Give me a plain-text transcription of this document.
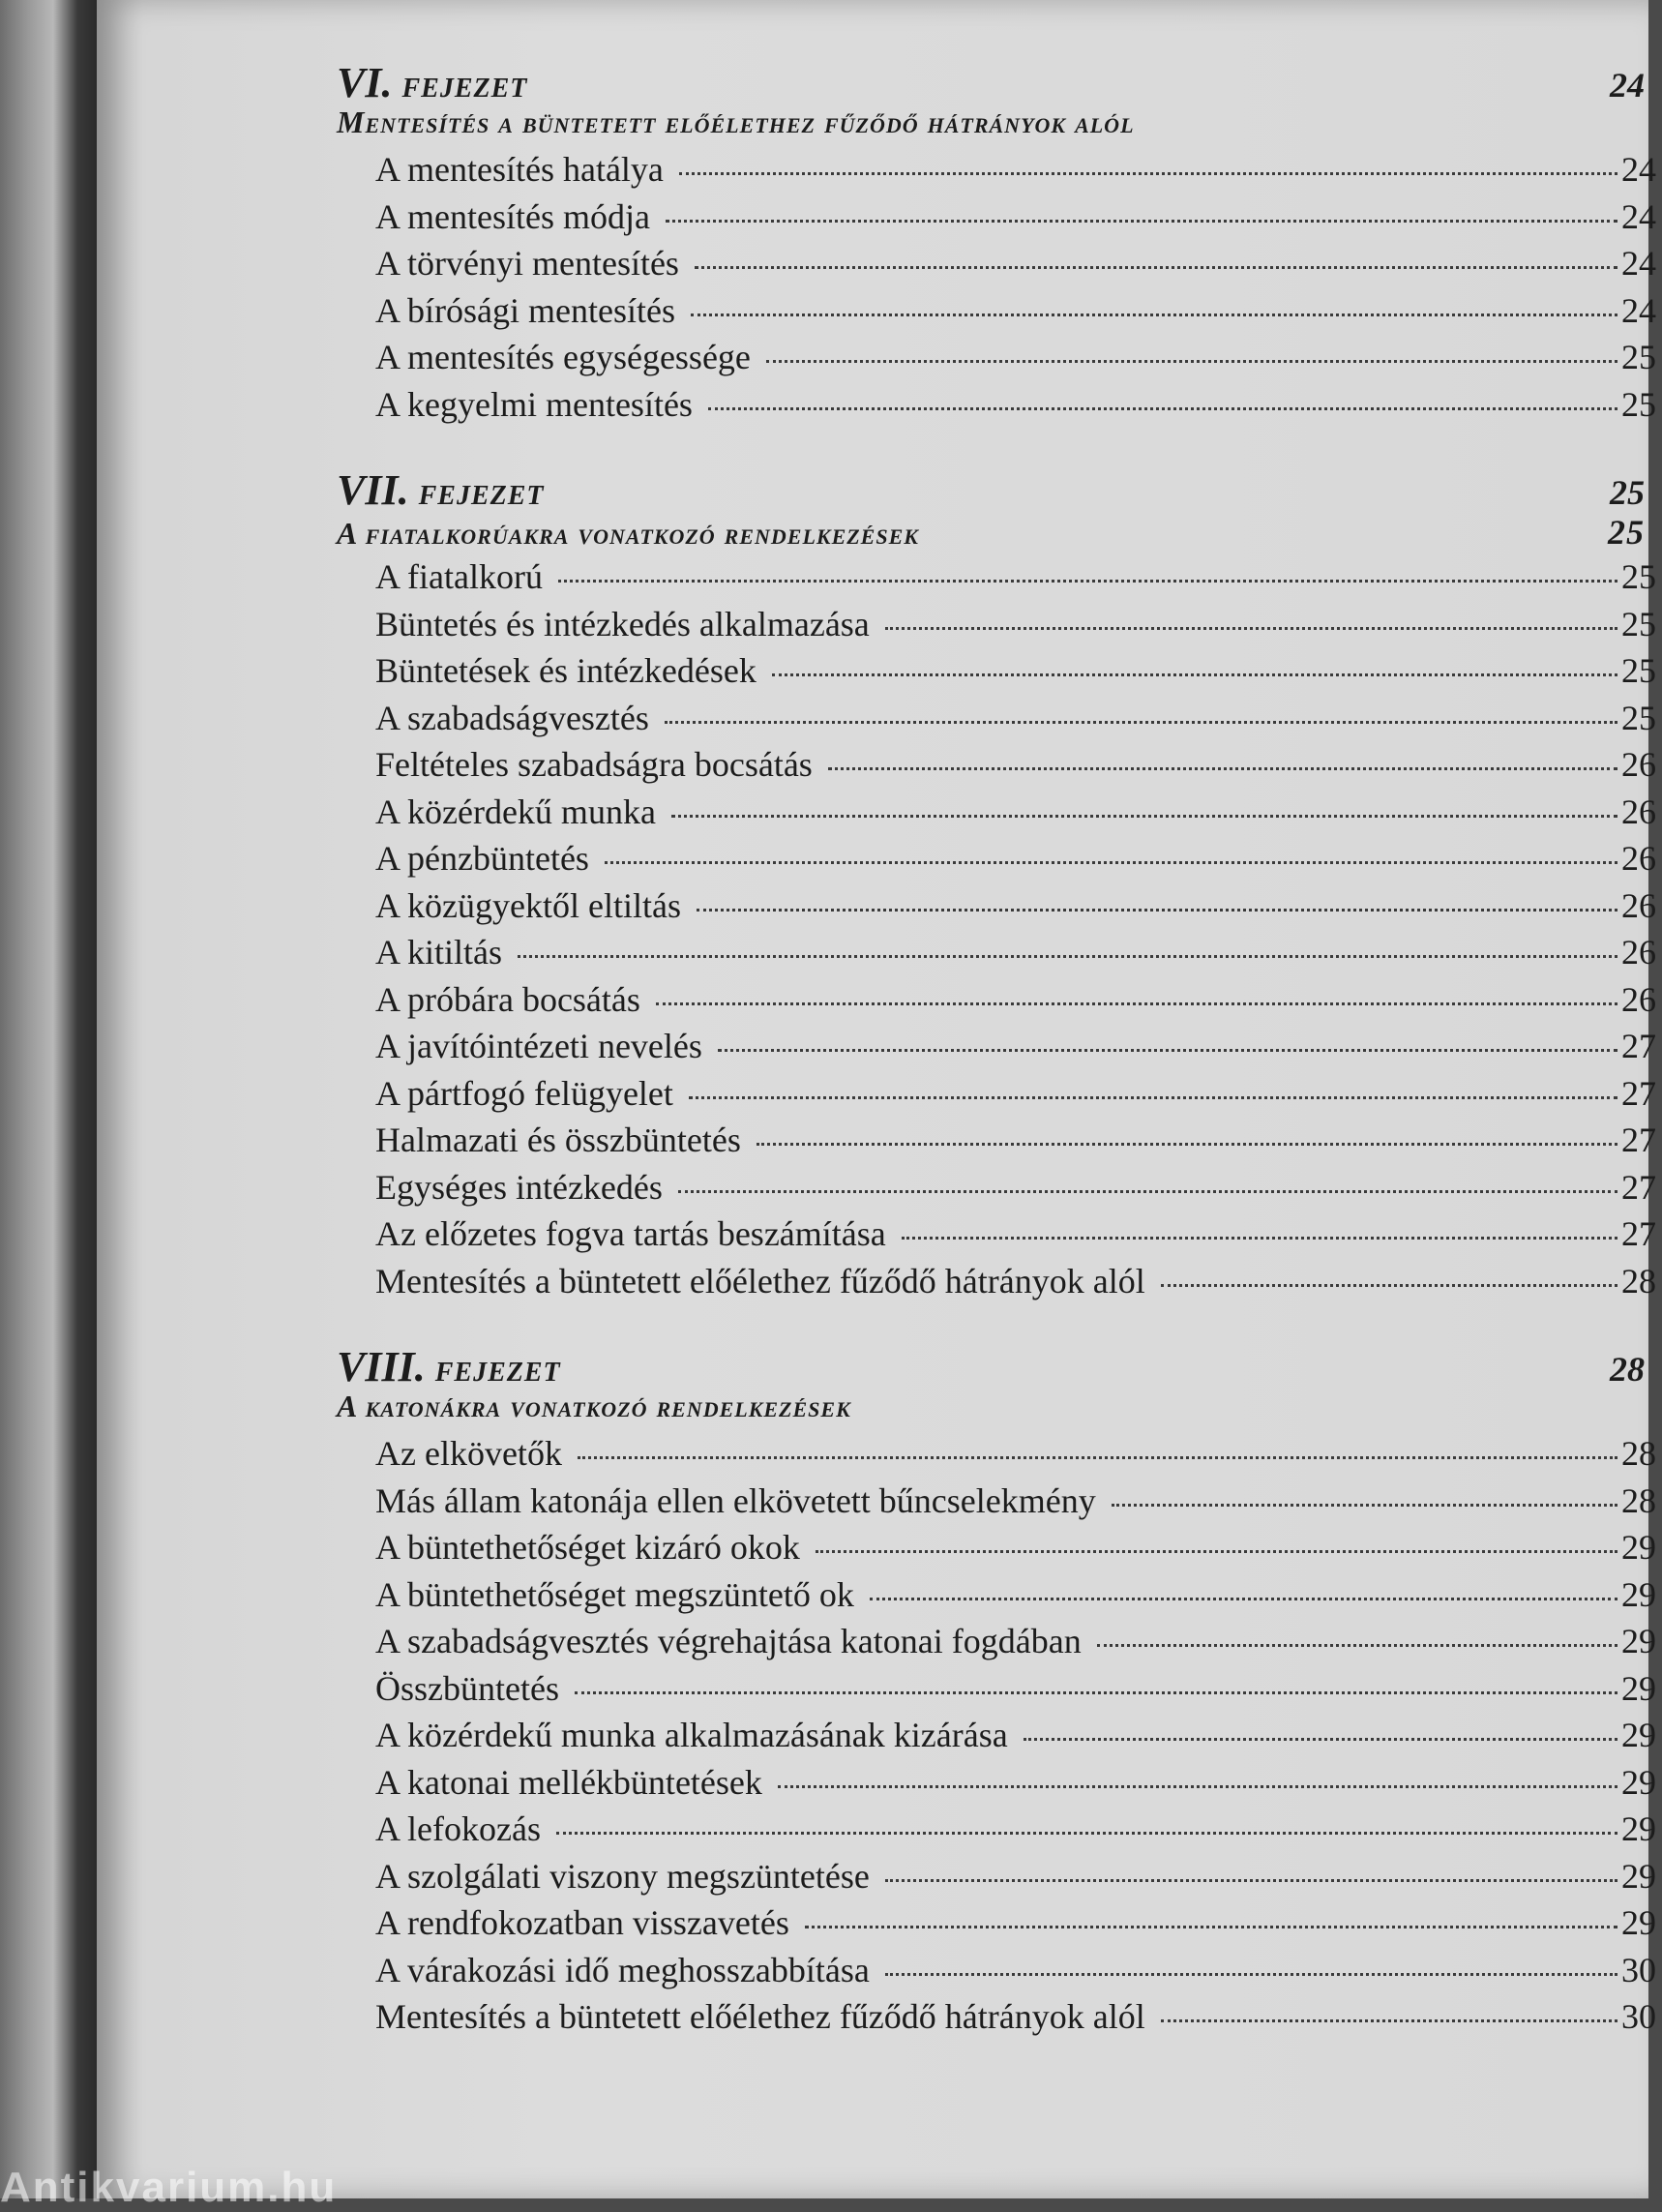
VI. FEJEZET	24
Mentesítés a büntetett előélethez fűződő hátrányok alól
A mentesítés hatálya	24
A mentesítés módja	24
A törvényi mentesítés	24
A bírósági mentesítés	24
A mentesítés egységessége	25
A kegyelmi mentesítés	25
VII. FEJEZET	25
A fiatalkorúakra vonatkozó rendelkezések	25
A fiatalkorú	25
Büntetés és intézkedés alkalmazása	25
Büntetések és intézkedések	25
A szabadságvesztés	25
Feltételes szabadságra bocsátás	26
A közérdekű munka	26
A pénzbüntetés	26
A közügyektől eltiltás	26
A kitiltás	26
A próbára bocsátás	26
A javítóintézeti nevelés	27
A pártfogó felügyelet	27
Halmazati és összbüntetés	27
Egységes intézkedés	27
Az előzetes fogva tartás beszámítása	27
Mentesítés a büntetett előélethez fűződő hátrányok alól	28
VIII. FEJEZET	28
A katonákra vonatkozó rendelkezések
Az elkövetők	28
Más állam katonája ellen elkövetett bűncselekmény	28
A büntethetőséget kizáró okok	29
A büntethetőséget megszüntető ok	29
A szabadságvesztés végrehajtása katonai fogdában	29
Összbüntetés	29
A közérdekű munka alkalmazásának kizárása	29
A katonai mellékbüntetések	29
A lefokozás	29
A szolgálati viszony megszüntetése	29
A rendfokozatban visszavetés	29
A várakozási idő meghosszabbítása	30
Mentesítés a büntetett előélethez fűződő hátrányok alól	30
Antikvarium.hu
